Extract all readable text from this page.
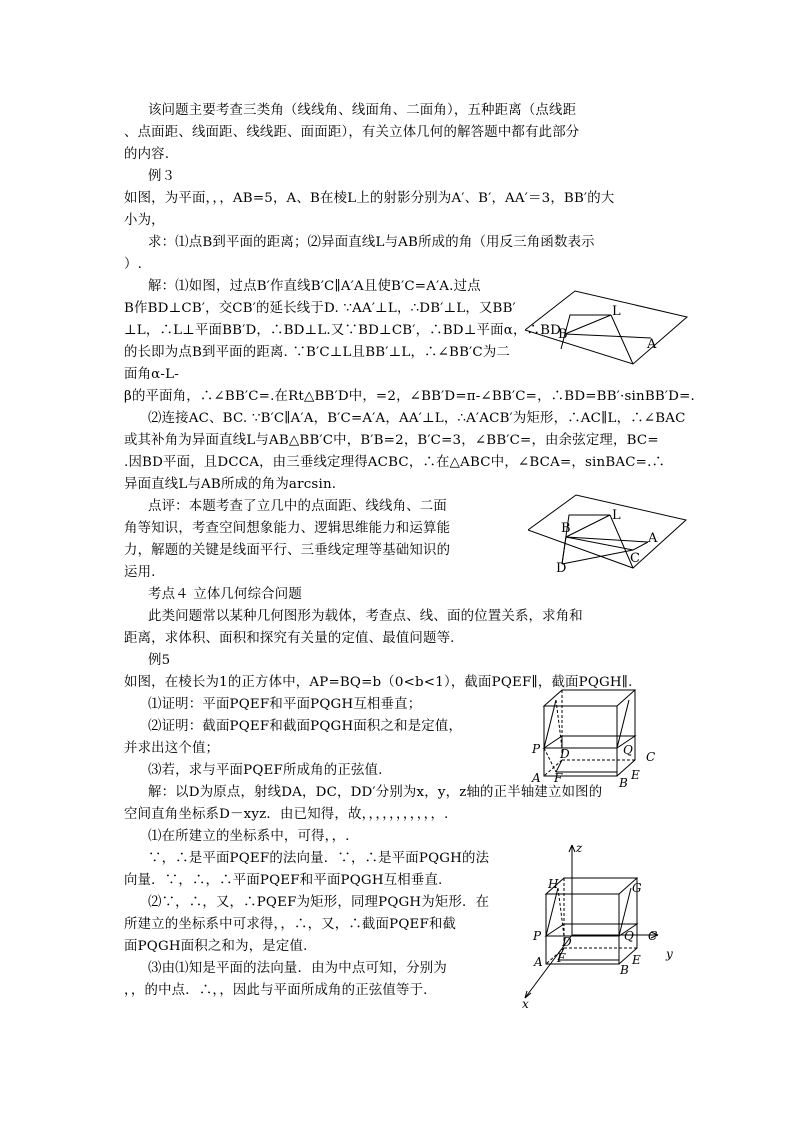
该问题主要考查三类角（线线角、线面角、二面角），五种距离（点线距
、点面距、线面距、线线距、面面距），有关立体几何的解答题中都有此部分
的内容.
例３
如图，为平面，，，AB=5，A、B在棱L上的射影分别为A′、B′，AA′＝3，BB′的大
小为，
求：⑴点B到平面的距离；⑵异面直线L与AB所成的角（用反三角函数表示
）.
解：⑴如图，过点B′作直线B′C∥A′A且使B′C=A′A.过点
B作BD⊥CB′，交CB′的延长线于D. ∵AA′⊥L，∴DB′⊥L，又BB′
⊥L，∴L⊥平面BB′D，∴BD⊥L.又∵BD⊥CB′，∴BD⊥平面α，∴BD
的长即为点B到平面的距离. ∵B′C⊥L且BB′⊥L，∴∠BB′C为二
面角α-L-
β的平面角，∴∠BB′C=.在Rt△BB′D中，=2，∠BB′D=π-∠BB′C=，∴BD=BB′·sinBB′D=.
⑵连接AC、BC. ∵B′C∥A′A，B′C=A′A，AA′⊥L，∴A′ACB′为矩形，∴AC∥L，∴∠BAC
或其补角为异面直线L与AB△BB′C中，B′B=2，B′C=3，∠BB′C=，由余弦定理，BC=
.因BD平面，且DCCA，由三垂线定理得ACBC，∴在△ABC中，∠BCA=，sinBAC=.∴
异面直线L与AB所成的角为arcsin.
点评：本题考查了立几中的点面距、线线角、二面
角等知识，考查空间想象能力、逻辑思维能力和运算能
力，解题的关键是线面平行、三垂线定理等基础知识的
运用.
考点４ 立体几何综合问题
此类问题常以某种几何图形为载体，考查点、线、面的位置关系，求角和
距离，求体积、面积和探究有关量的定值、最值问题等.
例5
如图，在棱长为1的正方体中，AP=BQ=b（0<b<1），截面PQEF∥，截面PQGH∥.
⑴证明：平面PQEF和平面PQGH互相垂直；
⑵证明：截面PQEF和截面PQGH面积之和是定值，
并求出这个值；
⑶若，求与平面PQEF所成角的正弦值.
解：以D为原点，射线DA，DC，DD′分别为x，y，z轴的正半轴建立如图的
空间直角坐标系D－xyz．由已知得，故，，，，，，，，，，，.
⑴在所建立的坐标系中，可得，，.
∵，∴是平面PQEF的法向量．∵，∴是平面PQGH的法
向量．∵，∴，∴平面PQEF和平面PQGH互相垂直.
⑵∵，∴，又，∴PQEF为矩形，同理PQGH为矩形．在
所建立的坐标系中可求得，，∴，又，∴截面PQEF和截
面PQGH面积之和为，是定值.
⑶由⑴知是平面的法向量．由为中点可知，分别为
，，的中点．∴，，因此与平面所成角的正弦值等于.
L
B
A
L
B
A
C
D
P D	Q C
A F	B
E
z
y
x
H	G
P D	Q C
A F
B
E
